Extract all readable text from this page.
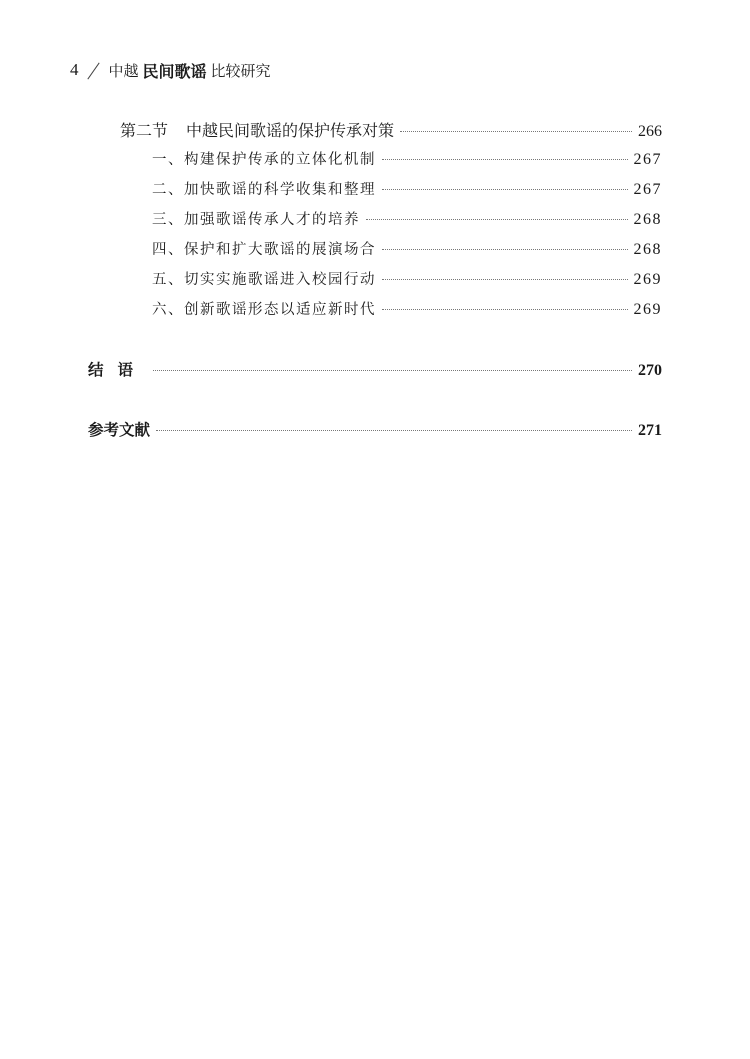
4 中越 民间歌谣 比较研究
第二节 中越民间歌谣的保护传承对策	266
一、构建保护传承的立体化机制	267
二、加快歌谣的科学收集和整理	267
三、加强歌谣传承人才的培养	268
四、保护和扩大歌谣的展演场合	268
五、切实实施歌谣进入校园行动	269
六、创新歌谣形态以适应新时代	269
结语	270
参考文献	271
